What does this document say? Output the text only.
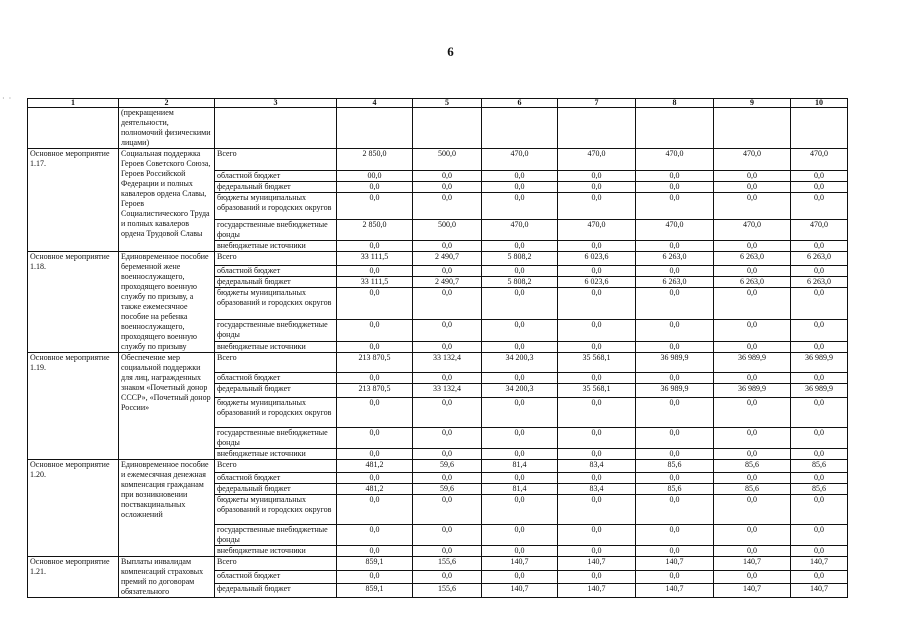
6
· ·	1	2	3	4	5	6	7	8	9	10
	(прекращением деятельности, полномочий физическими лицами)								
Основное мероприятие 1.17.	Социальная поддержка Героев Советского Союза, Героев Российской Федерации и полных кавалеров ордена Славы, Героев Социалистического Труда и полных кавалеров ордена Трудовой Славы	Всего	2 850,0	500,0	470,0	470,0	470,0	470,0	470,0
		областной бюджет	00,0	0,0	0,0	0,0	0,0	0,0	0,0
		федеральный бюджет	0,0	0,0	0,0	0,0	0,0	0,0	0,0
		бюджеты муниципальных образований и городских округов	0,0	0,0	0,0	0,0	0,0	0,0	0,0
		государственные внебюджетные фонды	2 850,0	500,0	470,0	470,0	470,0	470,0	470,0
		внебюджетные источники	0,0	0,0	0,0	0,0	0,0	0,0	0,0
Основное мероприятие 1.18.	Единовременное пособие беременной жене военнослужащего, проходящего военную службу по призыву, а также ежемесячное пособие на ребенка военнослужащего, проходящего военную службу по призыву	Всего	33 111,5	2 490,7	5 808,2	6 023,6	6 263,0	6 263,0	6 263,0
		областной бюджет	0,0	0,0	0,0	0,0	0,0	0,0	0,0
		федеральный бюджет	33 111,5	2 490,7	5 808,2	6 023,6	6 263,0	6 263,0	6 263,0
		бюджеты муниципальных образований и городских округов	0,0	0,0	0,0	0,0	0,0	0,0	0,0
		государственные внебюджетные фонды	0,0	0,0	0,0	0,0	0,0	0,0	0,0
		внебюджетные источники	0,0	0,0	0,0	0,0	0,0	0,0	0,0
Основное мероприятие 1.19.	Обеспечение мер социальной поддержки для лиц, награжденных знаком «Почетный донор СССР», «Почетный донор России»	Всего	213 870,5	33 132,4	34 200,3	35 568,1	36 989,9	36 989,9	36 989,9
		областной бюджет	0,0	0,0	0,0	0,0	0,0	0,0	0,0
		федеральный бюджет	213 870,5	33 132,4	34 200,3	35 568,1	36 989,9	36 989,9	36 989,9
		бюджеты муниципальных образований и городских округов	0,0	0,0	0,0	0,0	0,0	0,0	0,0
		государственные внебюджетные фонды	0,0	0,0	0,0	0,0	0,0	0,0	0,0
		внебюджетные источники	0,0	0,0	0,0	0,0	0,0	0,0	0,0
Основное мероприятие 1.20.	Единовременное пособие и ежемесячная денежная компенсация гражданам при возникновении поствакцинальных осложнений	Всего	481,2	59,6	81,4	83,4	85,6	85,6	85,6
		областной бюджет	0,0	0,0	0,0	0,0	0,0	0,0	0,0
		федеральный бюджет	481,2	59,6	81,4	83,4	85,6	85,6	85,6
		бюджеты муниципальных образований и городских округов	0,0	0,0	0,0	0,0	0,0	0,0	0,0
		государственные внебюджетные фонды	0,0	0,0	0,0	0,0	0,0	0,0	0,0
		внебюджетные источники	0,0	0,0	0,0	0,0	0,0	0,0	0,0
Основное мероприятие 1.21.	Выплаты инвалидам компенсаций страховых премий по договорам обязательного	Всего	859,1	155,6	140,7	140,7	140,7	140,7	140,7
		областной бюджет	0,0	0,0	0,0	0,0	0,0	0,0	0,0
		федеральный бюджет	859,1	155,6	140,7	140,7	140,7	140,7	140,7
